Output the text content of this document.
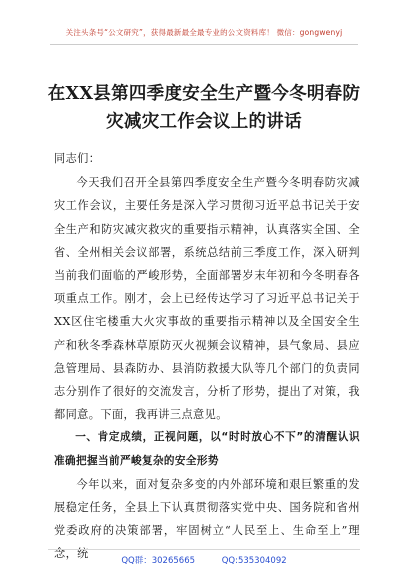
关注头条号“公文研究”，获得最新最全最专业的公文资料库！ 微信：gongwenyj
在XX县第四季度安全生产暨今冬明春防
灾减灾工作会议上的讲话

同志们：

今天我们召开全县第四季度安全生产暨今冬明春防灾减灾工作会议，主要任务是深入学习贯彻习近平总书记关于安全生产和防灾减灾救灾的重要指示精神，认真落实全国、全省、全州相关会议部署，系统总结前三季度工作，深入研判当前我们面临的严峻形势，全面部署岁末年初和今冬明春各项重点工作。刚才，会上已经传达学习了习近平总书记关于XX区住宅楼重大火灾事故的重要指示精神以及全国安全生产和秋冬季森林草原防灭火视频会议精神，县气象局、县应急管理局、县森防办、县消防救援大队等几个部门的负责同志分别作了很好的交流发言，分析了形势，提出了对策，我都同意。下面，我再讲三点意见。

一、肯定成绩，正视问题，以“时时放心不下”的清醒认识准确把握当前严峻复杂的安全形势

今年以来，面对复杂多变的内外部环境和艰巨繁重的发展稳定任务，全县上下认真贯彻落实党中央、国务院和省州党委政府的决策部署，牢固树立“人民至上、生命至上”理念，统

QQ群：30265665	QQ:535304092
